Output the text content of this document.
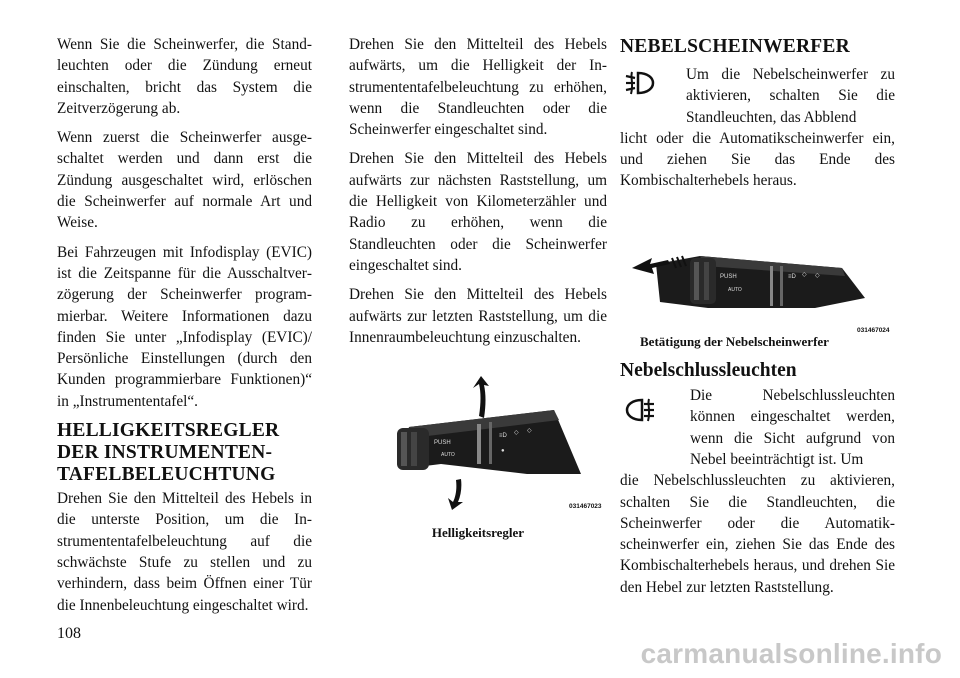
Wenn Sie die Scheinwerfer, die Standleuchten oder die Zündung erneut einschalten, bricht das System die Zeitverzögerung ab.

Wenn zuerst die Scheinwerfer ausgeschaltet werden und dann erst die Zündung ausgeschaltet wird, erlöschen die Scheinwerfer auf normale Art und Weise.

Bei Fahrzeugen mit Infodisplay (EVIC) ist die Zeitspanne für die Ausschaltverzögerung der Scheinwerfer programmierbar. Weitere Informationen dazu finden Sie unter „Infodisplay (EVIC)/ Persönliche Einstellungen (durch den Kunden programmierbare Funktionen)“ in „Instrumententafel“.

HELLIGKEITSREGLER
DER INSTRUMENTEN-
TAFELBELEUCHTUNG

Drehen Sie den Mittelteil des Hebels in die unterste Position, um die Instrumententafelbeleuchtung auf die schwächste Stufe zu stellen und zu verhindern, dass beim Öffnen einer Tür die Innenbeleuchtung eingeschaltet wird.

Drehen Sie den Mittelteil des Hebels aufwärts, um die Helligkeit der Instrumententafelbeleuchtung zu erhöhen, wenn die Standleuchten oder die Scheinwerfer eingeschaltet sind.

Drehen Sie den Mittelteil des Hebels aufwärts zur nächsten Raststellung, um die Helligkeit von Kilometerzähler und Radio zu erhöhen, wenn die Standleuchten oder die Scheinwerfer eingeschaltet sind.

Drehen Sie den Mittelteil des Hebels aufwärts zur letzten Raststellung, um die Innenraumbeleuchtung einzuschalten.

PUSH
AUTO
≡D ◇ ◇
●
031467023
Helligkeitsregler
NEBELSCHEINWERFER

Um die Nebelscheinwerfer zu aktivieren, schalten Sie die Standleuchten, das Abblend

licht oder die Automatikscheinwerfer ein, und ziehen Sie das Ende des Kombischalterhebels heraus.

PUSH
AUTO
≡D ◇ ◇
031467024
Betätigung der Nebelscheinwerfer
Nebelschlussleuchten

Die Nebelschlussleuchten können eingeschaltet werden, wenn die Sicht aufgrund von Nebel beeinträchtigt ist. Um

die Nebelschlussleuchten zu aktivieren, schalten Sie die Standleuchten, die Scheinwerfer oder die Automatikscheinwerfer ein, ziehen Sie das Ende des Kombischalterhebels heraus, und drehen Sie den Hebel zur letzten Raststellung.

108
carmanualsonline.info
